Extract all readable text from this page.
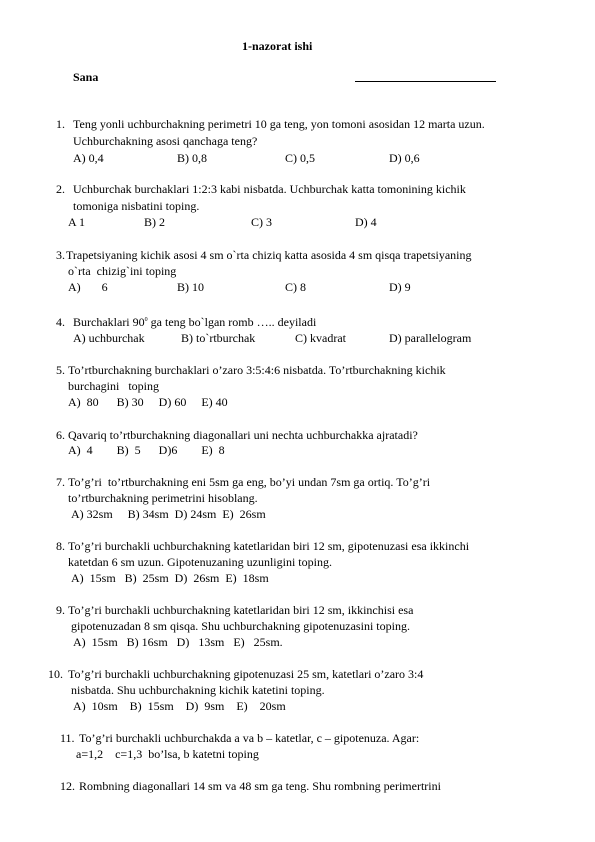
1-nazorat ishi
Sana
1. Teng yonli uchburchakning perimetri 10 ga teng, yon tomoni asosidan 12 marta uzun.
Uchburchakning asosi qanchaga teng?
A) 0,4	B) 0,8	C) 0,5	D) 0,6
2. Uchburchak burchaklari 1:2:3 kabi nisbatda. Uchburchak katta tomonining kichik
tomoniga nisbatini toping.
A 1	B) 2	C) 3	D) 4
3. Trapetsiyaning kichik asosi 4 sm o`rta chiziq katta asosida 4 sm qisqa trapetsiyaning
o`rta  chizig`ini toping
A)       6	B) 10	C) 8	D) 9
4. Burchaklari $90^0$ ga teng bo`lgan romb ….. deyiladi
A) uchburchak	B) to`rtburchak	C) kvadrat	D) parallelogram
5. To’rtburchakning burchaklari o’zaro 3:5:4:6 nisbatda. To’rtburchakning kichik
burchagini   toping
A)  80      B) 30     D) 60     E) 40
6. Qavariq to’rtburchakning diagonallari uni nechta uchburchakka ajratadi?
A)  4        B)  5      D)6        E)  8
7. To’g’ri  to’rtburchakning eni 5sm ga eng, bo’yi undan 7sm ga ortiq. To’g’ri
to’rtburchakning perimetrini hisoblang.
A) 32sm     B) 34sm  D) 24sm  E)  26sm
8. To’g’ri burchakli uchburchakning katetlaridan biri 12 sm, gipotenuzasi esa ikkinchi
katetdan 6 sm uzun. Gipotenuzaning uzunligini toping.
A)  15sm   B)  25sm  D)  26sm  E)  18sm
9. To’g’ri burchakli uchburchakning katetlaridan biri 12 sm, ikkinchisi esa
gipotenuzadan 8 sm qisqa. Shu uchburchakning gipotenuzasini toping.
A)  15sm   B) 16sm   D)   13sm   E)   25sm.
10. To’g’ri burchakli uchburchakning gipotenuzasi 25 sm, katetlari o’zaro 3:4
nisbatda. Shu uchburchakning kichik katetini toping.
A)  10sm    B)  15sm    D)  9sm    E)    20sm
11. To’g’ri burchakli uchburchakda a va b – katetlar, c – gipotenuza. Agar:
a=1,2    c=1,3  bo’lsa, b katetni toping
12. Rombning diagonallari 14 sm va 48 sm ga teng. Shu rombning perimertrini
